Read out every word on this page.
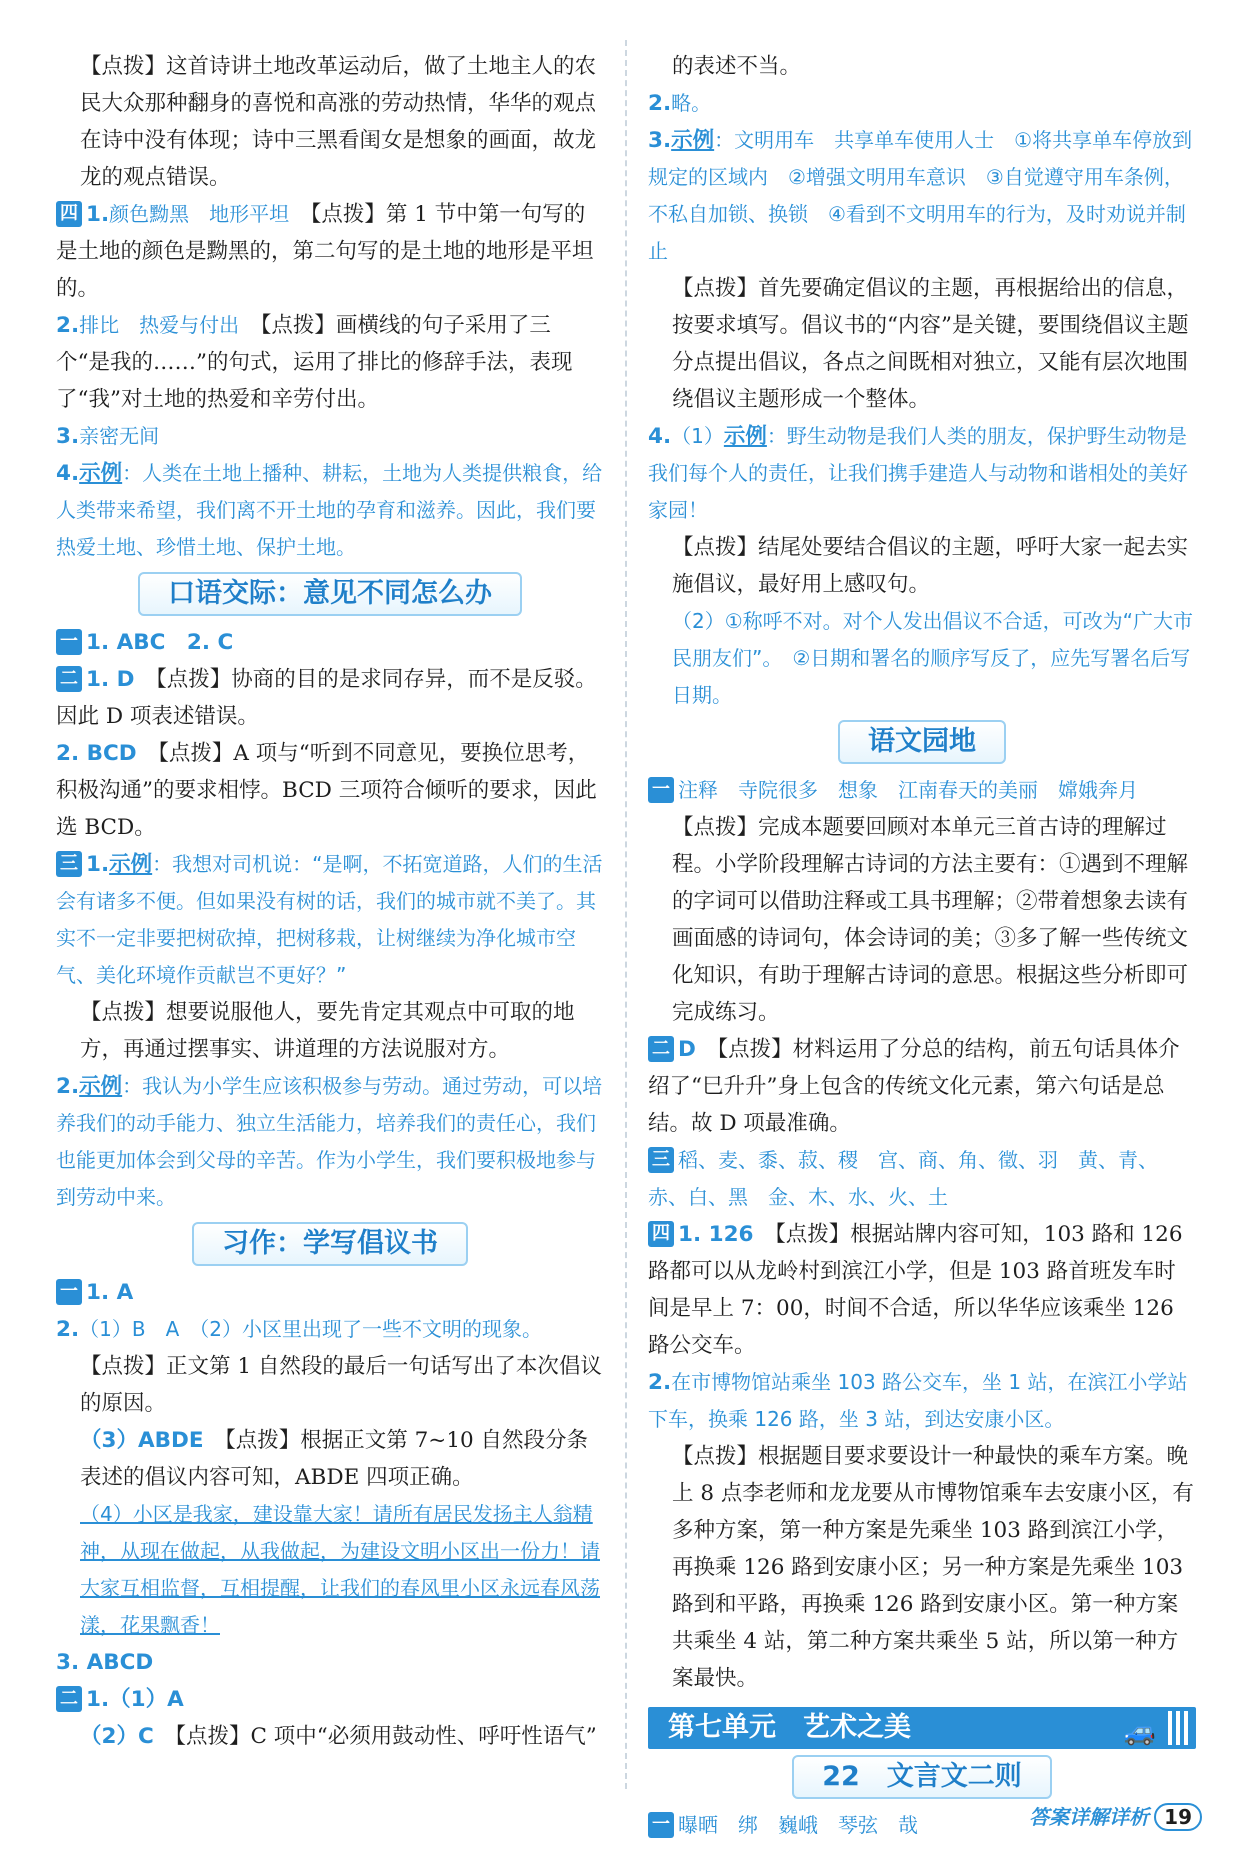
【点拨】这首诗讲土地改革运动后，做了土地主人的农民大众那种翻身的喜悦和高涨的劳动热情，华华的观点在诗中没有体现；诗中三黑看闺女是想象的画面，故龙龙的观点错误。

四 1.颜色黝黑　地形平坦　 【点拨】第 1 节中第一句写的是土地的颜色是黝黑的，第二句写的是土地的地形是平坦的。

2.排比　热爱与付出　 【点拨】画横线的句子采用了三个“是我的……”的句式，运用了排比的修辞手法，表现了“我”对土地的热爱和辛劳付出。

3.亲密无间

4.示例：人类在土地上播种、耕耘，土地为人类提供粮食，给人类带来希望，我们离不开土地的孕育和滋养。因此，我们要热爱土地、珍惜土地、保护土地。

口语交际：意见不同怎么办

一 1. ABC　2. C

二 1. D　 【点拨】协商的目的是求同存异，而不是反驳。因此 D 项表述错误。

2. BCD　 【点拨】A 项与“听到不同意见，要换位思考，积极沟通”的要求相悖。BCD 三项符合倾听的要求，因此选 BCD。

三 1.示例：我想对司机说：“是啊，不拓宽道路，人们的生活会有诸多不便。但如果没有树的话，我们的城市就不美了。其实不一定非要把树砍掉，把树移栽，让树继续为净化城市空气、美化环境作贡献岂不更好？”

【点拨】想要说服他人，要先肯定其观点中可取的地方，再通过摆事实、讲道理的方法说服对方。

2.示例：我认为小学生应该积极参与劳动。通过劳动，可以培养我们的动手能力、独立生活能力，培养我们的责任心，我们也能更加体会到父母的辛苦。作为小学生，我们要积极地参与到劳动中来。

习作：学写倡议书

一 1. A

2.（1）B　A　（2）小区里出现了一些不文明的现象。

【点拨】正文第 1 自然段的最后一句话写出了本次倡议的原因。

（3）ABDE　 【点拨】根据正文第 7~10 自然段分条表述的倡议内容可知，ABDE 四项正确。

（4）小区是我家，建设靠大家！请所有居民发扬主人翁精神，从现在做起，从我做起，为建设文明小区出一份力！请大家互相监督，互相提醒，让我们的春风里小区永远春风荡漾，花果飘香！

3. ABCD

二 1.（1）A

（2）C　 【点拨】C 项中“必须用鼓动性、呼吁性语气”

的表述不当。

2.略。

3.示例：文明用车　共享单车使用人士　①将共享单车停放到规定的区域内　②增强文明用车意识　③自觉遵守用车条例，不私自加锁、换锁　④看到不文明用车的行为，及时劝说并制止

【点拨】首先要确定倡议的主题，再根据给出的信息，按要求填写。倡议书的“内容”是关键，要围绕倡议主题分点提出倡议，各点之间既相对独立，又能有层次地围绕倡议主题形成一个整体。

4.（1）示例：野生动物是我们人类的朋友，保护野生动物是我们每个人的责任，让我们携手建造人与动物和谐相处的美好家园！

【点拨】结尾处要结合倡议的主题，呼吁大家一起去实施倡议，最好用上感叹句。

（2）①称呼不对。对个人发出倡议不合适，可改为“广大市民朋友们”。　②日期和署名的顺序写反了，应先写署名后写日期。

语文园地

一 注释　寺院很多　想象　江南春天的美丽　嫦娥奔月

【点拨】完成本题要回顾对本单元三首古诗的理解过程。小学阶段理解古诗词的方法主要有：①遇到不理解的字词可以借助注释或工具书理解；②带着想象去读有画面感的诗词句，体会诗词的美；③多了解一些传统文化知识，有助于理解古诗词的意思。根据这些分析即可完成练习。

二 D　 【点拨】材料运用了分总的结构，前五句话具体介绍了“巳升升”身上包含的传统文化元素，第六句话是总结。故 D 项最准确。

三 稻、麦、黍、菽、稷　宫、商、角、徵、羽　黄、青、赤、白、黑　金、木、水、火、土

四 1. 126　 【点拨】根据站牌内容可知，103 路和 126 路都可以从龙岭村到滨江小学，但是 103 路首班发车时间是早上 7：00，时间不合适，所以华华应该乘坐 126 路公交车。

2.在市博物馆站乘坐 103 路公交车，坐 1 站，在滨江小学站下车，换乘 126 路，坐 3 站，到达安康小区。

【点拨】根据题目要求要设计一种最快的乘车方案。晚上 8 点李老师和龙龙要从市博物馆乘车去安康小区，有多种方案，第一种方案是先乘坐 103 路到滨江小学，再换乘 126 路到安康小区；另一种方案是先乘坐 103 路到和平路，再换乘 126 路到安康小区。第一种方案共乘坐 4 站，第二种方案共乘坐 5 站，所以第一种方案最快。

第七单元　艺术之美	🚙
22　文言文二则

一 曝晒　绑　巍峨　琴弦　哉	答案详解详析 19
